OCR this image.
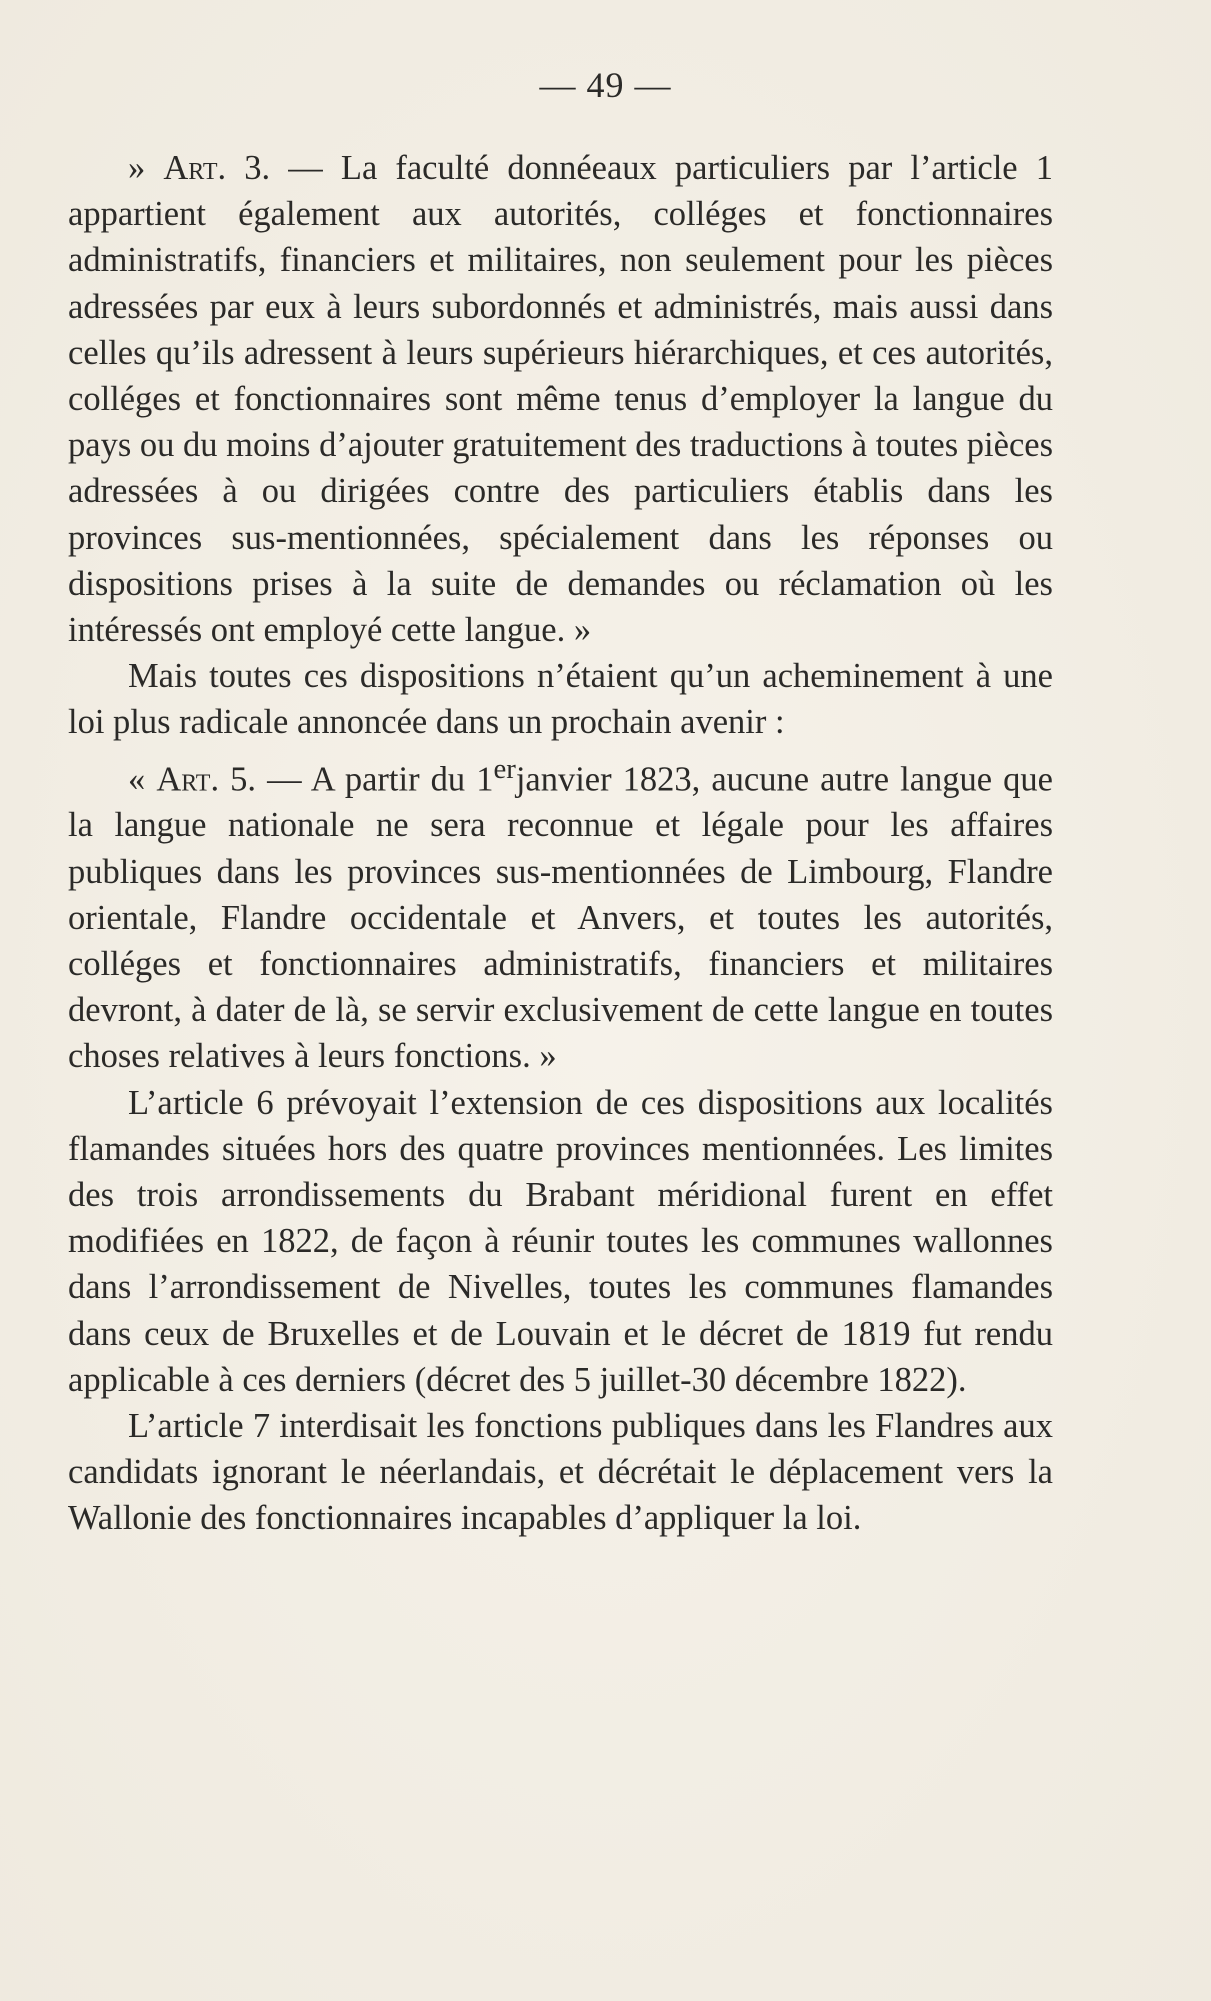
— 49 —

» Art. 3. — La faculté donnéeaux particuliers par l’article 1 appartient également aux autorités, colléges et fonctionnaires administratifs, financiers et militaires, non seulement pour les pièces adressées par eux à leurs subordonnés et administrés, mais aussi dans celles qu’ils adressent à leurs supérieurs hiérarchiques, et ces autorités, colléges et fonctionnaires sont même tenus d’employer la langue du pays ou du moins d’ajouter gratuitement des traductions à toutes pièces adressées à ou dirigées contre des particuliers établis dans les provinces sus-mentionnées, spécialement dans les réponses ou dispositions prises à la suite de demandes ou réclamation où les intéressés ont employé cette langue. »

Mais toutes ces dispositions n’étaient qu’un acheminement à une loi plus radicale annoncée dans un prochain avenir :

« Art. 5. — A partir du 1erjanvier 1823, aucune autre langue que la langue nationale ne sera reconnue et légale pour les affaires publiques dans les provinces sus-mentionnées de Limbourg, Flandre orientale, Flandre occidentale et Anvers, et toutes les autorités, colléges et fonctionnaires administratifs, financiers et militaires devront, à dater de là, se servir exclusivement de cette langue en toutes choses relatives à leurs fonctions. »

L’article 6 prévoyait l’extension de ces dispositions aux localités flamandes situées hors des quatre provinces mentionnées. Les limites des trois arrondissements du Brabant méridional furent en effet modifiées en 1822, de façon à réunir toutes les communes wallonnes dans l’arrondissement de Nivelles, toutes les communes flamandes dans ceux de Bruxelles et de Louvain et le décret de 1819 fut rendu applicable à ces derniers (décret des 5 juillet-30 décembre 1822).

L’article 7 interdisait les fonctions publiques dans les Flandres aux candidats ignorant le néerlandais, et décrétait le déplacement vers la Wallonie des fonctionnaires incapables d’appliquer la loi.
